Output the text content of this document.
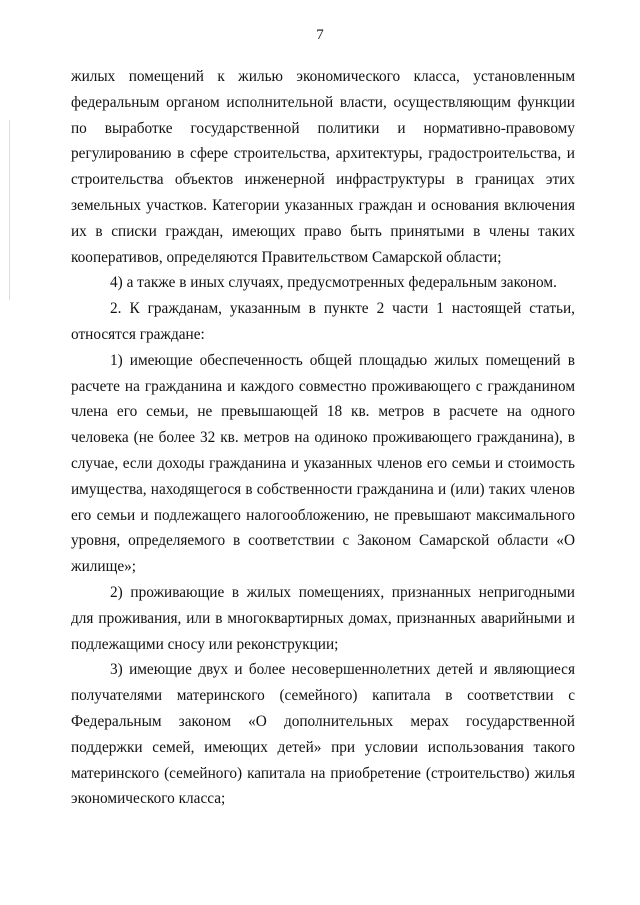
7

жилых помещений к жилью экономического класса, установленным федеральным органом исполнительной власти, осуществляющим функции по выработке государственной политики и нормативно-правовому регулированию в сфере строительства, архитектуры, градостроительства, и строительства объектов инженерной инфраструктуры в границах этих земельных участков. Категории указанных граждан и основания включения их в списки граждан, имеющих право быть принятыми в члены таких кооперативов, определяются Правительством Самарской области;

4) а также в иных случаях, предусмотренных федеральным законом.

2. К гражданам, указанным в пункте 2 части 1 настоящей статьи, относятся граждане:

1) имеющие обеспеченность общей площадью жилых помещений в расчете на гражданина и каждого совместно проживающего с гражданином члена его семьи, не превышающей 18 кв. метров в расчете на одного человека (не более 32 кв. метров на одиноко проживающего гражданина), в случае, если доходы гражданина и указанных членов его семьи и стоимость имущества, находящегося в собственности гражданина и (или) таких членов его семьи и подлежащего налогообложению, не превышают максимального уровня, определяемого в соответствии с Законом Самарской области «О жилище»;

2) проживающие в жилых помещениях, признанных непригодными для проживания, или в многоквартирных домах, признанных аварийными и подлежащими сносу или реконструкции;

3) имеющие двух и более несовершеннолетних детей и являющиеся получателями материнского (семейного) капитала в соответствии с Федеральным законом «О дополнительных мерах государственной поддержки семей, имеющих детей» при условии использования такого материнского (семейного) капитала на приобретение (строительство) жилья экономического класса;
